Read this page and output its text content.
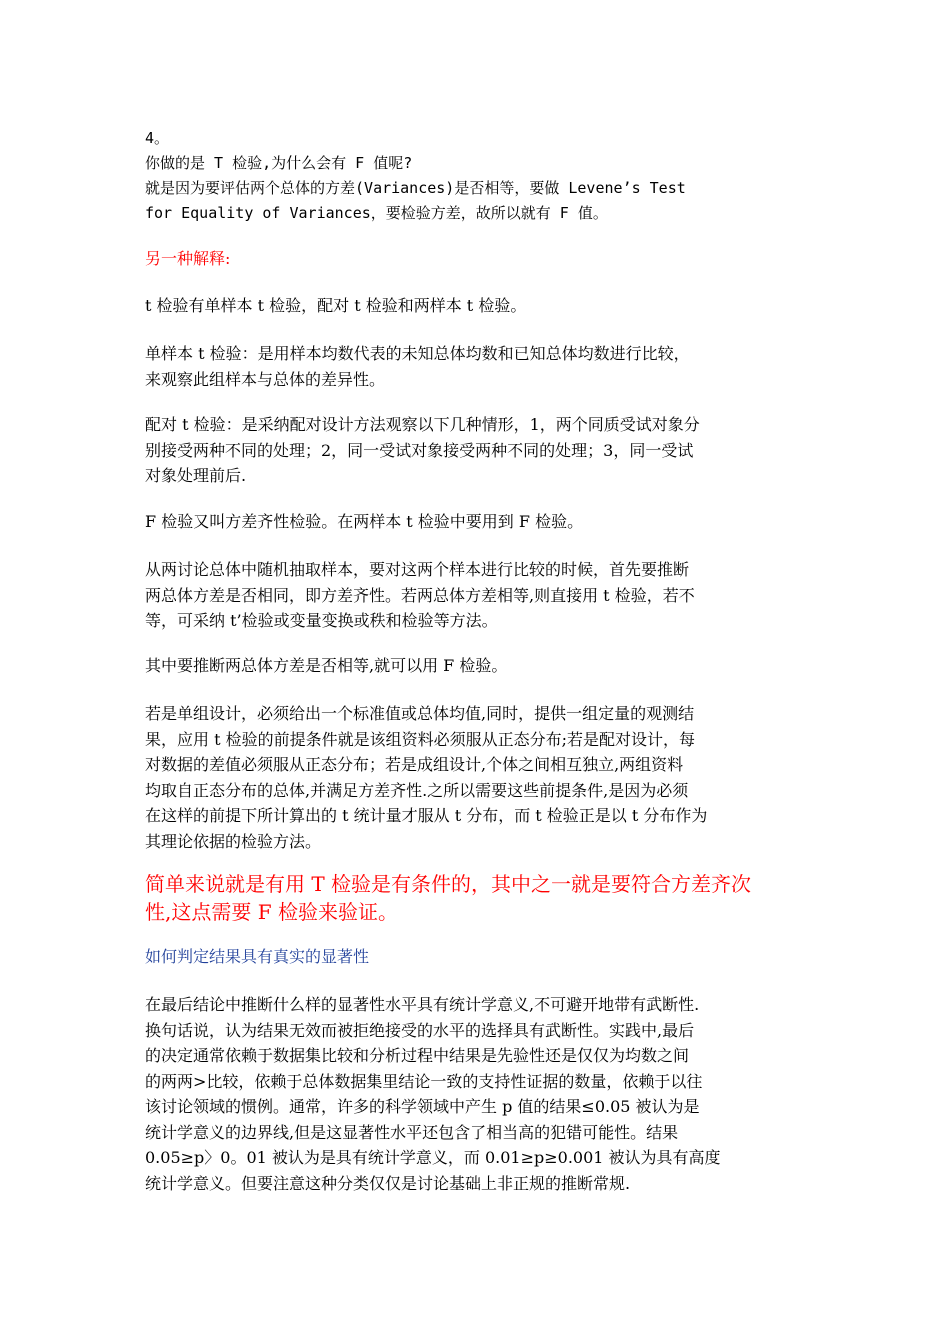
4。
你做的是 T 检验,为什么会有 F 值呢?
就是因为要评估两个总体的方差(Variances)是否相等，要做 Levene’s Test
for Equality of Variances，要检验方差，故所以就有 F 值。
另一种解释:
t 检验有单样本 t 检验，配对 t 检验和两样本 t 检验。
单样本 t 检验：是用样本均数代表的未知总体均数和已知总体均数进行比较，
来观察此组样本与总体的差异性。
配对 t 检验：是采纳配对设计方法观察以下几种情形，1，两个同质受试对象分
别接受两种不同的处理；2，同一受试对象接受两种不同的处理；3，同一受试
对象处理前后.
F 检验又叫方差齐性检验。在两样本 t 检验中要用到 F 检验。
从两讨论总体中随机抽取样本，要对这两个样本进行比较的时候，首先要推断
两总体方差是否相同，即方差齐性。若两总体方差相等,则直接用 t 检验，若不
等，可采纳 t’检验或变量变换或秩和检验等方法。
其中要推断两总体方差是否相等,就可以用 F 检验。
若是单组设计，必须给出一个标准值或总体均值,同时，提供一组定量的观测结
果，应用 t 检验的前提条件就是该组资料必须服从正态分布;若是配对设计，每
对数据的差值必须服从正态分布；若是成组设计,个体之间相互独立,两组资料
均取自正态分布的总体,并满足方差齐性.之所以需要这些前提条件,是因为必须
在这样的前提下所计算出的 t 统计量才服从 t 分布，而 t 检验正是以 t 分布作为
其理论依据的检验方法。
简单来说就是有用 T 检验是有条件的，其中之一就是要符合方差齐次
性,这点需要 F 检验来验证。
如何判定结果具有真实的显著性
在最后结论中推断什么样的显著性水平具有统计学意义,不可避开地带有武断性.
换句话说，认为结果无效而被拒绝接受的水平的选择具有武断性。实践中,最后
的决定通常依赖于数据集比较和分析过程中结果是先验性还是仅仅为均数之间
的两两>比较，依赖于总体数据集里结论一致的支持性证据的数量，依赖于以往
该讨论领域的惯例。通常，许多的科学领域中产生 p 值的结果≤0.05 被认为是
统计学意义的边界线,但是这显著性水平还包含了相当高的犯错可能性。结果
0.05≥p〉0。01 被认为是具有统计学意义，而 0.01≥p≥0.001 被认为具有高度
统计学意义。但要注意这种分类仅仅是讨论基础上非正规的推断常规.
